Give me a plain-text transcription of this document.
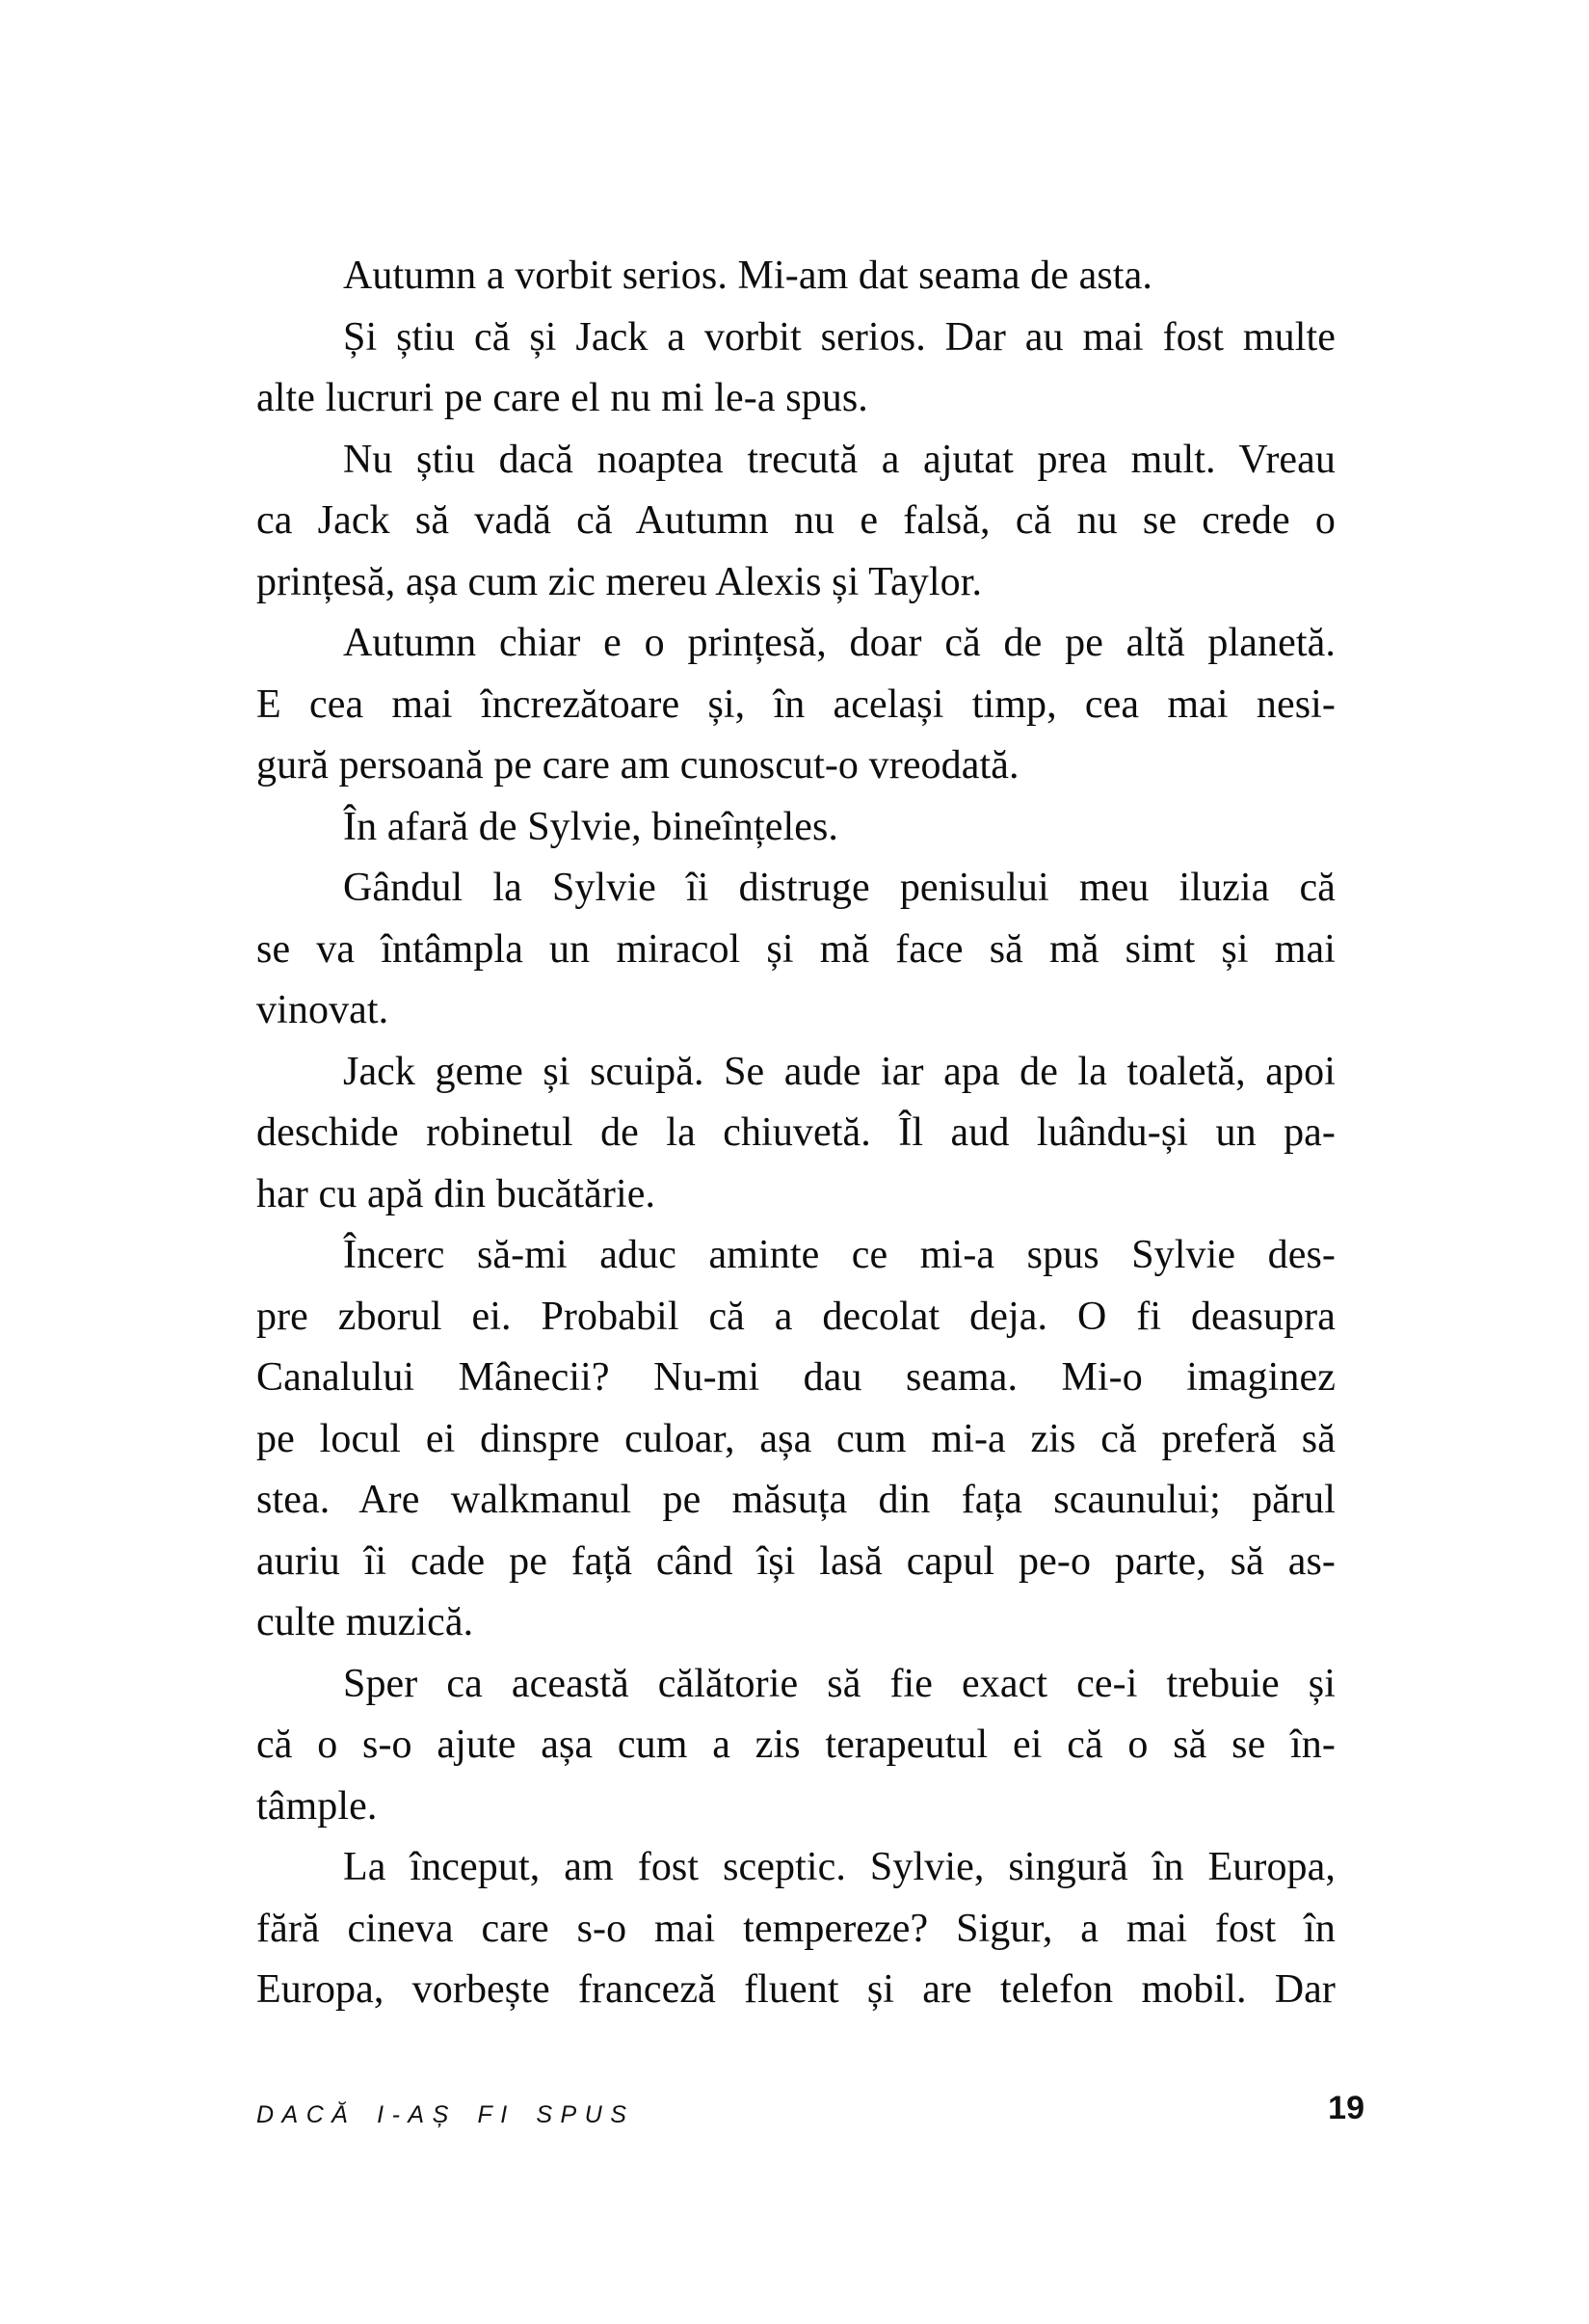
Autumn a vorbit serios. Mi-am dat seama de asta.
Și știu că și Jack a vorbit serios. Dar au mai fost multe
alte lucruri pe care el nu mi le-a spus.
Nu știu dacă noaptea trecută a ajutat prea mult. Vreau
ca Jack să vadă că Autumn nu e falsă, că nu se crede o
prințesă, așa cum zic mereu Alexis și Taylor.
Autumn chiar e o prințesă, doar că de pe altă planetă.
E cea mai încrezătoare și, în același timp, cea mai nesi-
gură persoană pe care am cunoscut-o vreodată.
În afară de Sylvie, bineînțeles.
Gândul la Sylvie îi distruge penisului meu iluzia că
se va întâmpla un miracol și mă face să mă simt și mai
vinovat.
Jack geme și scuipă. Se aude iar apa de la toaletă, apoi
deschide robinetul de la chiuvetă. Îl aud luându-și un pa-
har cu apă din bucătărie.
Încerc să-mi aduc aminte ce mi-a spus Sylvie des-
pre zborul ei. Probabil că a decolat deja. O fi deasupra
Canalului Mânecii? Nu-mi dau seama. Mi-o imaginez
pe locul ei dinspre culoar, așa cum mi-a zis că preferă să
stea. Are walkmanul pe măsuța din fața scaunului; părul
auriu îi cade pe față când își lasă capul pe-o parte, să as-
culte muzică.
Sper ca această călătorie să fie exact ce-i trebuie și
că o s-o ajute așa cum a zis terapeutul ei că o să se în-
tâmple.
La început, am fost sceptic. Sylvie, singură în Europa,
fără cineva care s-o mai tempereze? Sigur, a mai fost în
Europa, vorbește franceză fluent și are telefon mobil. Dar
DACĂ I-AȘ FI SPUS	19
